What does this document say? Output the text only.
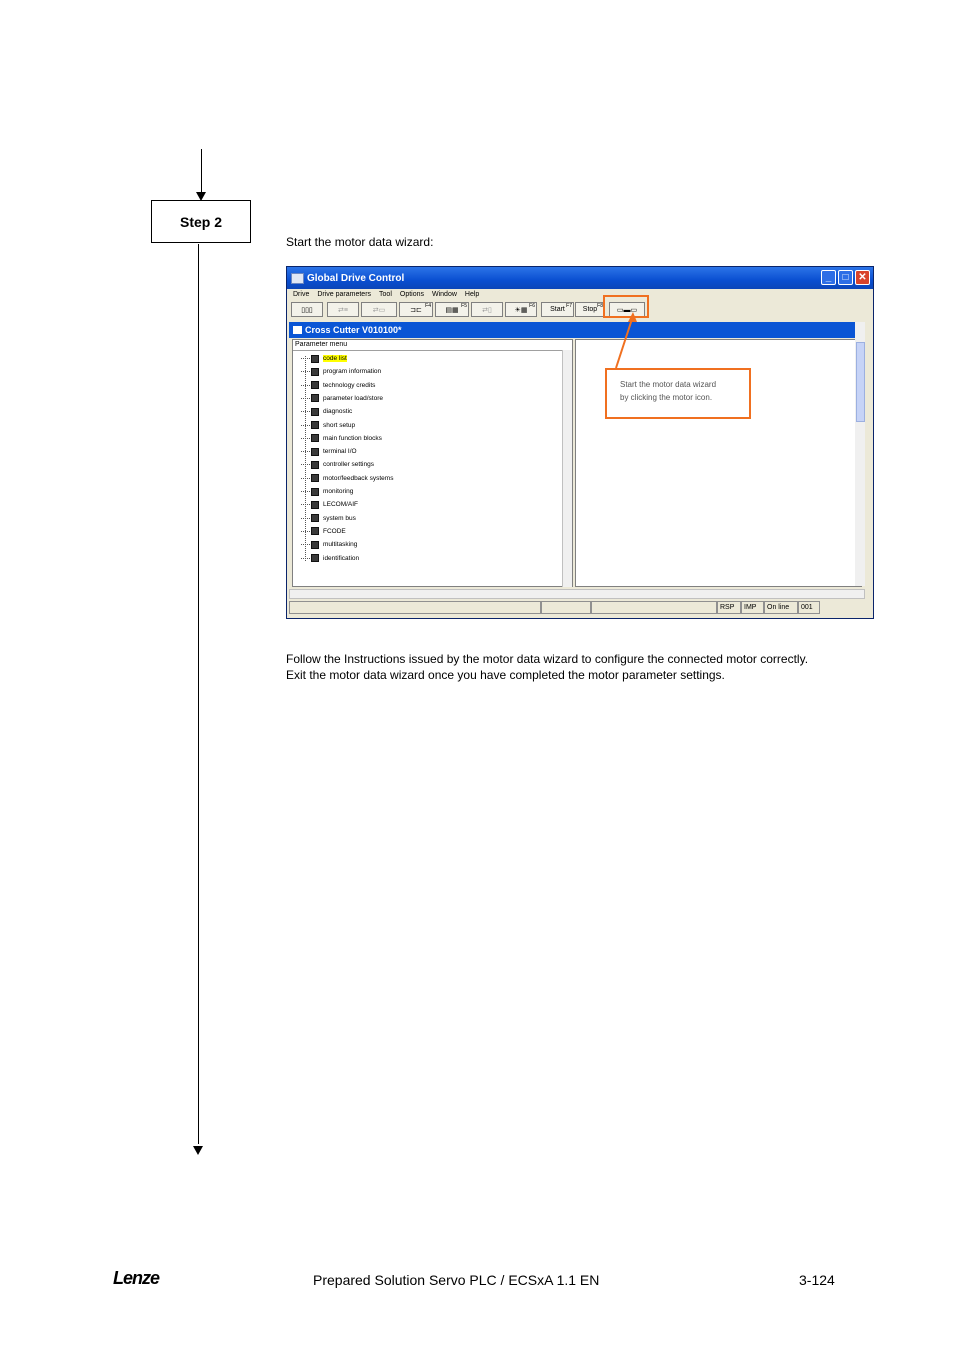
Step 2
Start the motor data wizard:
Global Drive Control	_	□ ✕
Drive Drive parameters Tool Options Window Help
▯▯▯	⇄≡	⇄▭	⊐⊏
F4
▤▦
F5
⇄▯	☀▦
F6 Start F7 Stop F8
▭▬▭
Cross Cutter V010100*
Parameter menu
code list
program information
technology credits
parameter load/store
diagnostic
short setup
main function blocks
terminal I/O
controller settings
motor/feedback systems
monitoring
LECOM/AIF
system bus
FCODE
multitasking
identification
RSP	IMP	On line	001
Start the motor data wizard
by clicking the motor icon.
Follow the Instructions issued by the motor data wizard to configure the connected motor correctly.
Exit the motor data wizard once you have completed the motor parameter settings.
Lenze	Prepared Solution Servo PLC / ECSxA 1.1 EN	3-124
